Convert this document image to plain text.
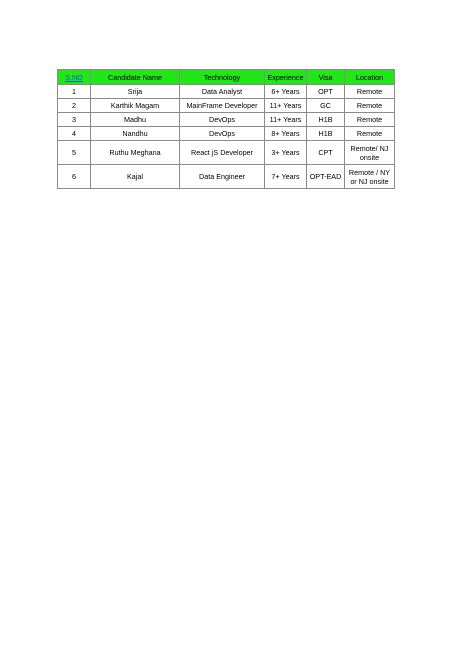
S.NO	Candidate Name	Technology	Experience	Visa	Location
1	Srija	Data Analyst	6+ Years	OPT	Remote
2	Karthik Magam	MainFrame Developer	11+ Years	GC	Remote
3	Madhu	DevOps	11+ Years	H1B	Remote
4	Nandhu	DevOps	8+ Years	H1B	Remote
5	Ruthu Meghana	React jS Developer	3+ Years	CPT	Remote/ NJ onsite
6	Kajal	Data Engineer	7+ Years	OPT-EAD	Remote / NY or NJ onsite
